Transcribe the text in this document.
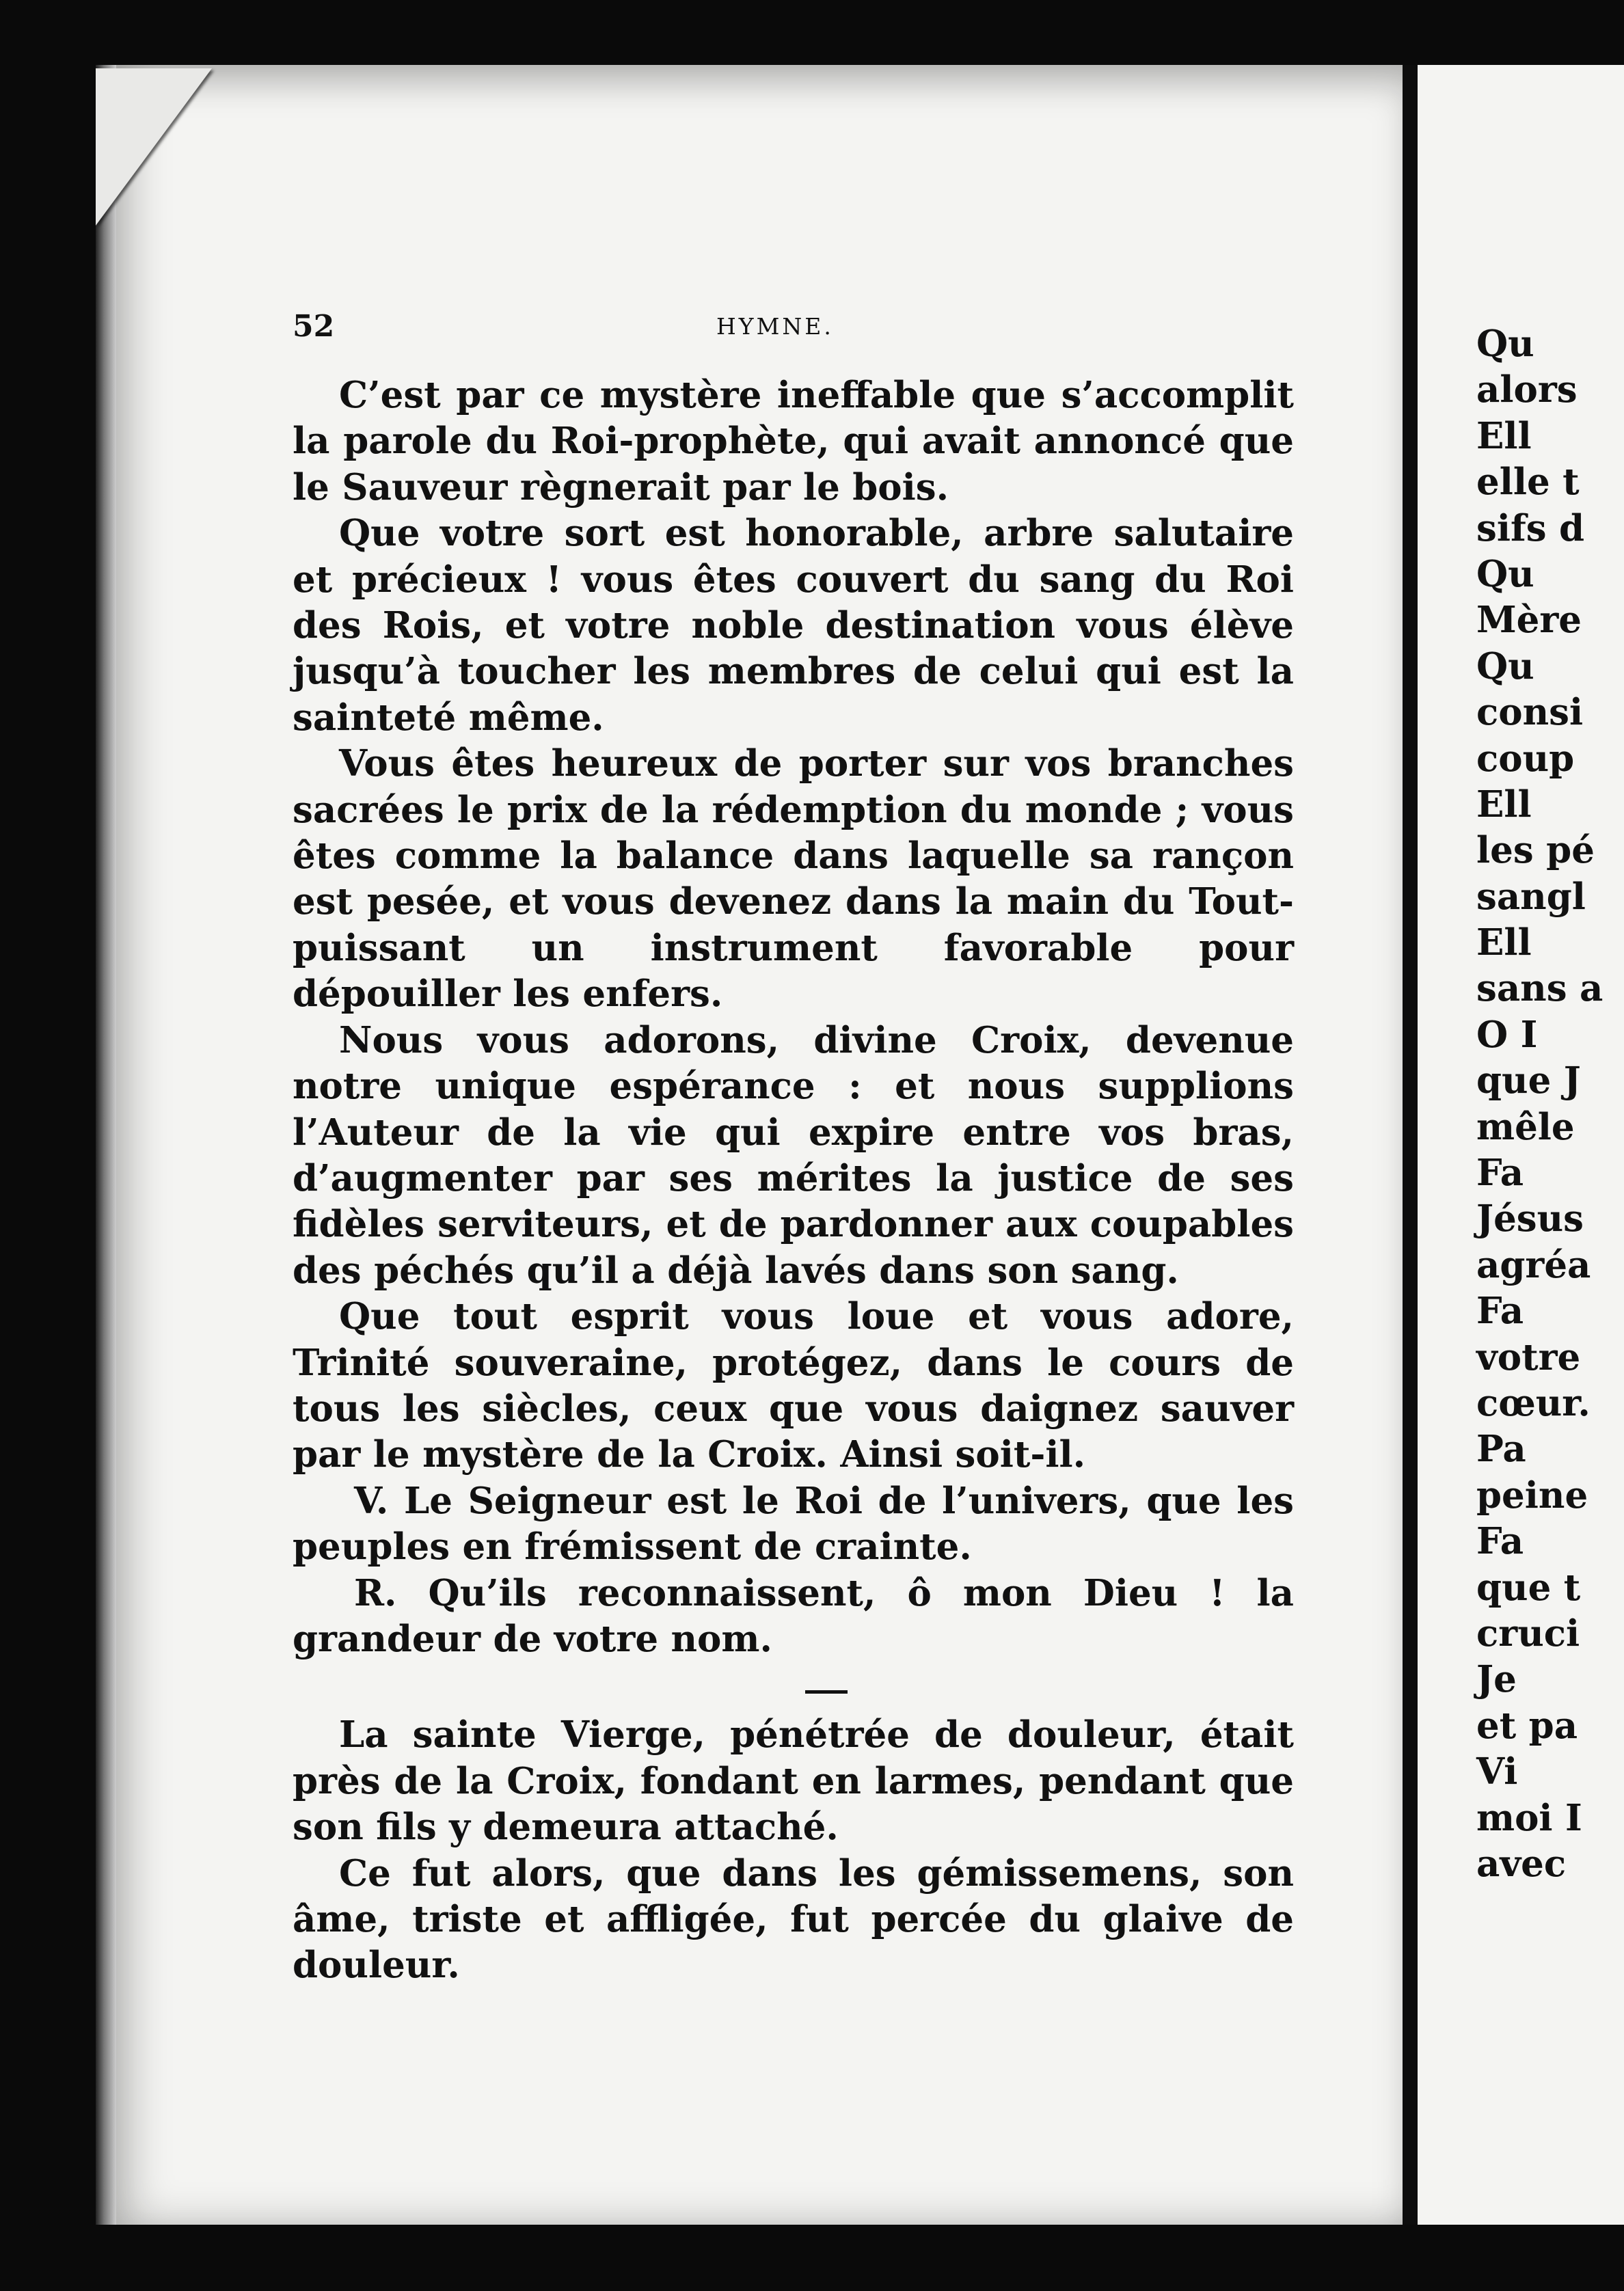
52	HYMNE.

C’est par ce mystère ineffable que s’accomplit la parole du Roi-prophète, qui avait annoncé que le Sauveur règnerait par le bois.

Que votre sort est honorable, arbre salutaire et précieux ! vous êtes couvert du sang du Roi des Rois, et votre noble destination vous élève jusqu’à toucher les membres de celui qui est la sainteté même.

Vous êtes heureux de porter sur vos branches sacrées le prix de la rédemption du monde ; vous êtes comme la balance dans laquelle sa rançon est pesée, et vous devenez dans la main du Tout-puissant un instrument favorable pour dépouiller les enfers.

Nous vous adorons, divine Croix, devenue notre unique espérance : et nous supplions l’Auteur de la vie qui expire entre vos bras, d’augmenter par ses mérites la justice de ses fidèles serviteurs, et de pardonner aux coupables des péchés qu’il a déjà lavés dans son sang.

Que tout esprit vous loue et vous adore, Trinité souveraine, protégez, dans le cours de tous les siècles, ceux que vous daignez sauver par le mystère de la Croix. Ainsi soit-il.

V. Le Seigneur est le Roi de l’univers, que les peuples en frémissent de crainte.

R. Qu’ils reconnaissent, ô mon Dieu ! la grandeur de votre nom.

La sainte Vierge, pénétrée de douleur, était près de la Croix, fondant en larmes, pendant que son fils y demeura attaché.

Ce fut alors, que dans les gémissemens, son âme, triste et affligée, fut percée du glaive de douleur.

Qu
alors
Ell
elle t
sifs d
Qu
Mère
Qu
consi
coup
Ell
les pé
sangl
Ell
sans a
O I
que J
mêle
Fa
Jésus
agréa
Fa
votre
cœur.
Pa
peine
Fa
que t
cruci
Je
et pa
Vi
moi I
avec
